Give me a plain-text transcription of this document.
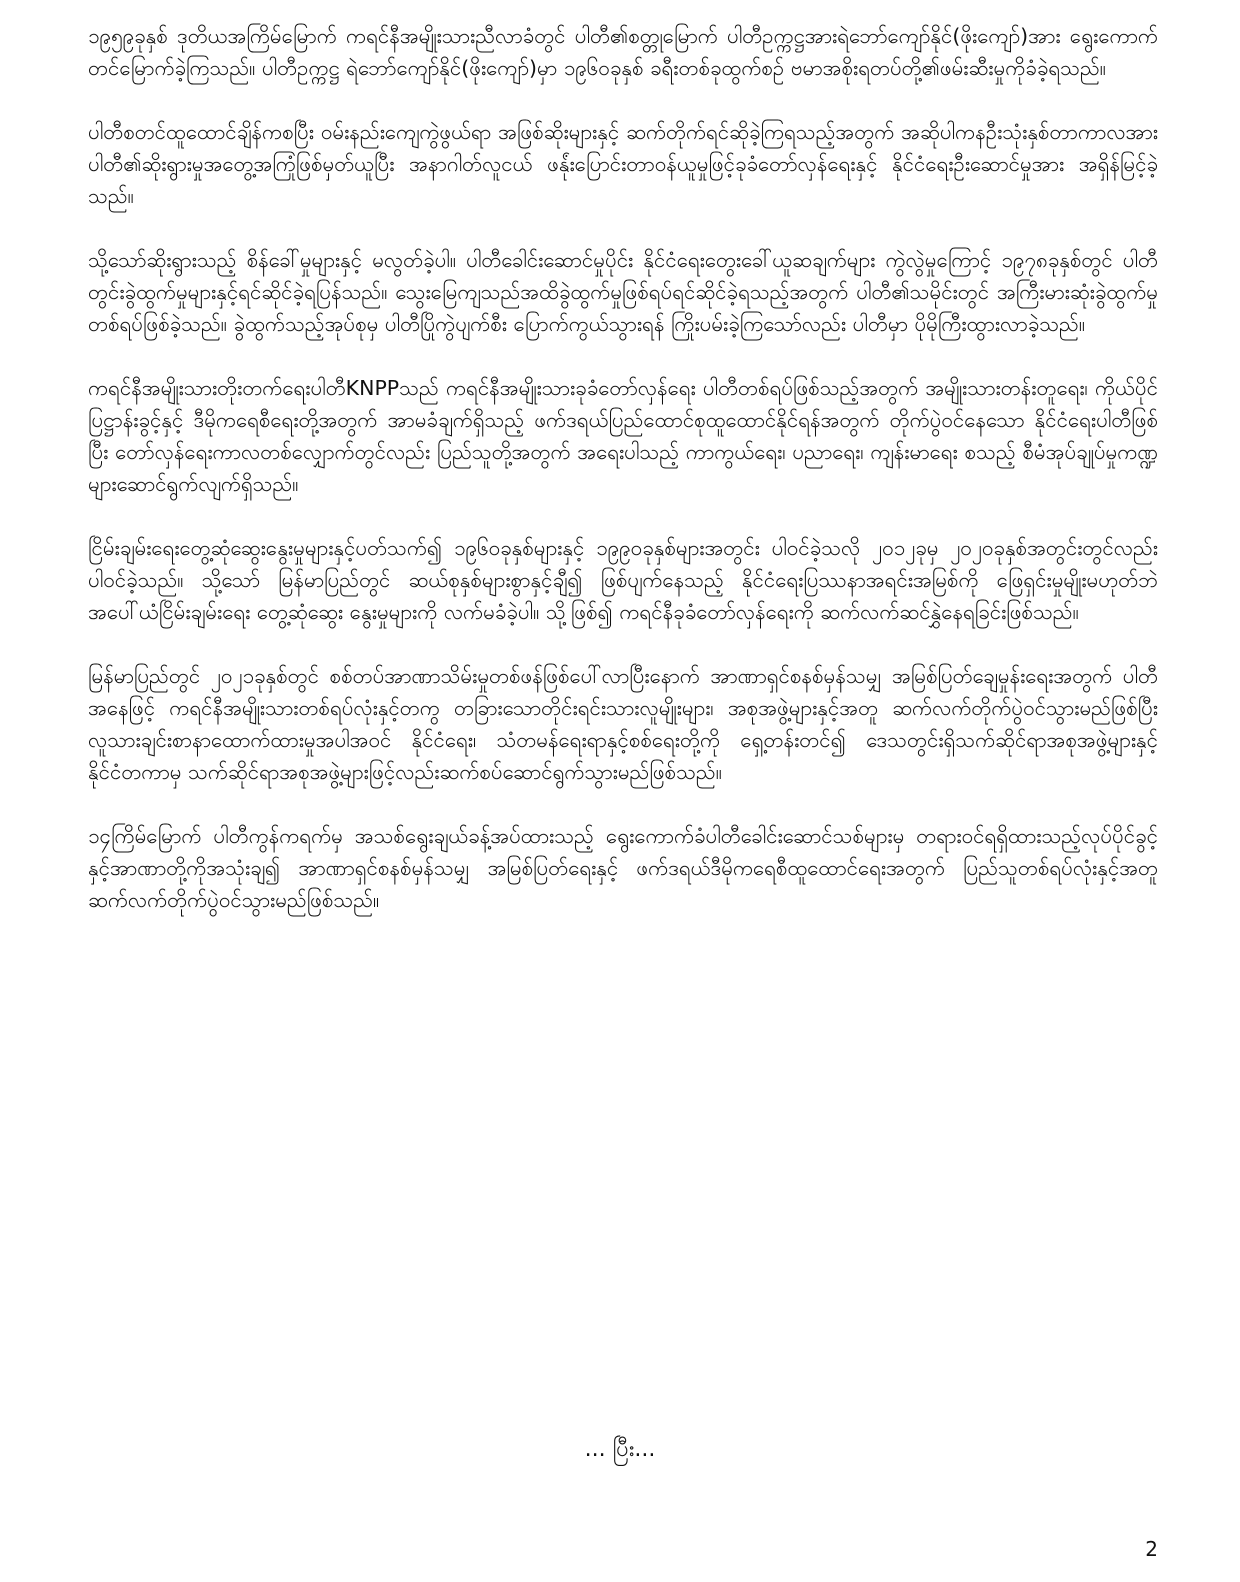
၁၉၅၉ခုနှစ် ဒုတိယအကြိမ်မြောက် ကရင်နီအမျိုးသားညီလာခံတွင် ပါတီ၏စတ္တုမြောက် ပါတီဥက္ကဋ္ဌအားရဲဘော်ကျော်နိုင်(ဖိုးကျော်)အား ရွေးကောက်တင်မြောက်ခဲ့ကြသည်။ ပါတီဥက္ကဋ္ဌ ရဲဘော်ကျော်နိုင်(ဖိုးကျော်)မှာ ၁၉၆၀ခုနှစ် ခရီးတစ်ခုထွက်စဉ် ဗမာအစိုးရတပ်တို့၏ဖမ်းဆီးမှုကိုခံခဲ့ရသည်။

ပါတီစတင်ထူထောင်ချိန်ကစပြီး ဝမ်းနည်းကျေကွဲဖွယ်ရာ အဖြစ်ဆိုးများနှင့် ဆက်တိုက်ရင်ဆိုခဲ့ကြရသည့်အတွက် အဆိုပါကနဦးသုံးနှစ်တာကာလအား ပါတီ၏ဆိုးရွားမှုအတွေ့အကြုံဖြစ်မှတ်ယူပြီး အနာဂါတ်လူငယ် ဖန်ုံးပြောင်းတာဝန်ယူမှုဖြင့်ခုခံတော်လှန်ရေးနှင့် နိုင်ငံရေးဦးဆောင်မှုအား အရှိန်မြင့်ခဲ့သည်။

သို့သော်ဆိုးရွားသည့် စိန်ခေါ်မှုများနှင့် မလွတ်ခဲ့ပါ။ ပါတီခေါင်းဆောင်မှုပိုင်း နိုင်ငံရေးတွေးခေါ်ယူဆချက်များ ကွဲလွဲမှုကြောင့် ၁၉၇၈ခုနှစ်တွင် ပါတီတွင်းခွဲထွက်မှုများနှင့်ရင်ဆိုင်ခဲ့ရပြန်သည်။ သွေးမြေကျသည်အထိခွဲထွက်မှုဖြစ်ရပ်ရင်ဆိုင်ခဲ့ရသည့်အတွက် ပါတီ၏သမိုင်းတွင် အကြီးမားဆုံးခွဲထွက်မှုတစ်ရပ်ဖြစ်ခဲ့သည်။ ခွဲထွက်သည့်အုပ်စုမှ ပါတီပြိုကွဲပျက်စီး ပြောက်ကွယ်သွားရန် ကြိုးပမ်းခဲ့ကြသော်လည်း ပါတီမှာ ပိုမိုကြီးထွားလာခဲ့သည်။

ကရင်နီအမျိုးသားတိုးတက်ရေးပါတီKNPPသည် ကရင်နီအမျိုးသားခုခံတော်လှန်ရေး ပါတီတစ်ရပ်ဖြစ်သည့်အတွက် အမျိုးသားတန်းတူရေး၊ ကိုယ်ပိုင်ပြဋ္ဌာန်းခွင့်နှင့် ဒီမိုကရေစီရေးတို့အတွက် အာမခံချက်ရှိသည့် ဖက်ဒရယ်ပြည်ထောင်စုထူထောင်နိုင်ရန်အတွက် တိုက်ပွဲဝင်နေသော နိုင်ငံရေးပါတီဖြစ်ပြီး တော်လှန်ရေးကာလတစ်လျှောက်တွင်လည်း ပြည်သူတို့အတွက် အရေးပါသည့် ကာကွယ်ရေး၊ ပညာရေး၊ ကျန်းမာရေး စသည့် စီမံအုပ်ချုပ်မှုကဏ္ဍများဆောင်ရွက်လျက်ရှိသည်။

ငြိမ်းချမ်းရေးတွေ့ဆုံဆွေးနွေးမှုများနှင့်ပတ်သက်၍ ၁၉၆၀ခုနှစ်များနှင့် ၁၉၉၀ခုနှစ်များအတွင်း ပါဝင်ခဲ့သလို ၂၀၁၂ခုမှ ၂၀၂၀ခုနှစ်အတွင်းတွင်လည်းပါဝင်ခဲ့သည်။ သို့သော် မြန်မာပြည်တွင် ဆယ်စုနှစ်များစွာနှင့်ချီ၍ ဖြစ်ပျက်နေသည့် နိုင်ငံရေးပြဿနာအရင်းအမြစ်ကို ဖြေရှင်းမှုမျိုးမဟုတ်ဘဲ အပေါ်ယံငြိမ်းချမ်းရေး တွေ့ဆုံဆွေး နွေးမှုများကို လက်မခံခဲ့ပါ။ သို့ဖြစ်၍ ကရင်နီခုခံတော်လှန်ရေးကို ဆက်လက်ဆင်နွှဲနေရခြင်းဖြစ်သည်။

မြန်မာပြည်တွင် ၂၀၂၁ခုနှစ်တွင် စစ်တပ်အာဏာသိမ်းမှုတစ်ဖန်ဖြစ်ပေါ်လာပြီးနောက် အာဏာရှင်စနစ်မှန်သမျှ အမြစ်ပြတ်ချေမှုန်းရေးအတွက် ပါတီအနေဖြင့် ကရင်နီအမျိုးသားတစ်ရပ်လုံးနှင့်တကွ တခြားသောတိုင်းရင်းသားလူမျိုးများ၊ အစုအဖွဲ့များနှင့်အတူ ဆက်လက်တိုက်ပွဲဝင်သွားမည်ဖြစ်ပြီး လူသားချင်းစာနာထောက်ထားမှုအပါအဝင် နိုင်ငံရေး၊ သံတမန်ရေးရာနှင့်စစ်ရေးတို့ကို ရှေ့တန်းတင်၍ ဒေသတွင်းရှိသက်ဆိုင်ရာအစုအဖွဲ့များနှင့် နိုင်ငံတကာမှ သက်ဆိုင်ရာအစုအဖွဲ့များဖြင့်လည်းဆက်စပ်ဆောင်ရွက်သွားမည်ဖြစ်သည်။

၁၄ကြိမ်မြောက် ပါတီကွန်ကရက်မှ အသစ်ရွေးချယ်ခန့်အပ်ထားသည့် ရွေးကောက်ခံပါတီခေါင်းဆောင်သစ်များမှ တရားဝင်ရရှိထားသည့်လုပ်ပိုင်ခွင့်နှင့်အာဏာတို့ကိုအသုံးချ၍ အာဏာရှင်စနစ်မှန်သမျှ အမြစ်ပြတ်ရေးနှင့် ဖက်ဒရယ်ဒီမိုကရေစီထူထောင်ရေးအတွက် ပြည်သူတစ်ရပ်လုံးနှင့်အတူ ဆက်လက်တိုက်ပွဲဝင်သွားမည်ဖြစ်သည်။

... ပြီး...
2
